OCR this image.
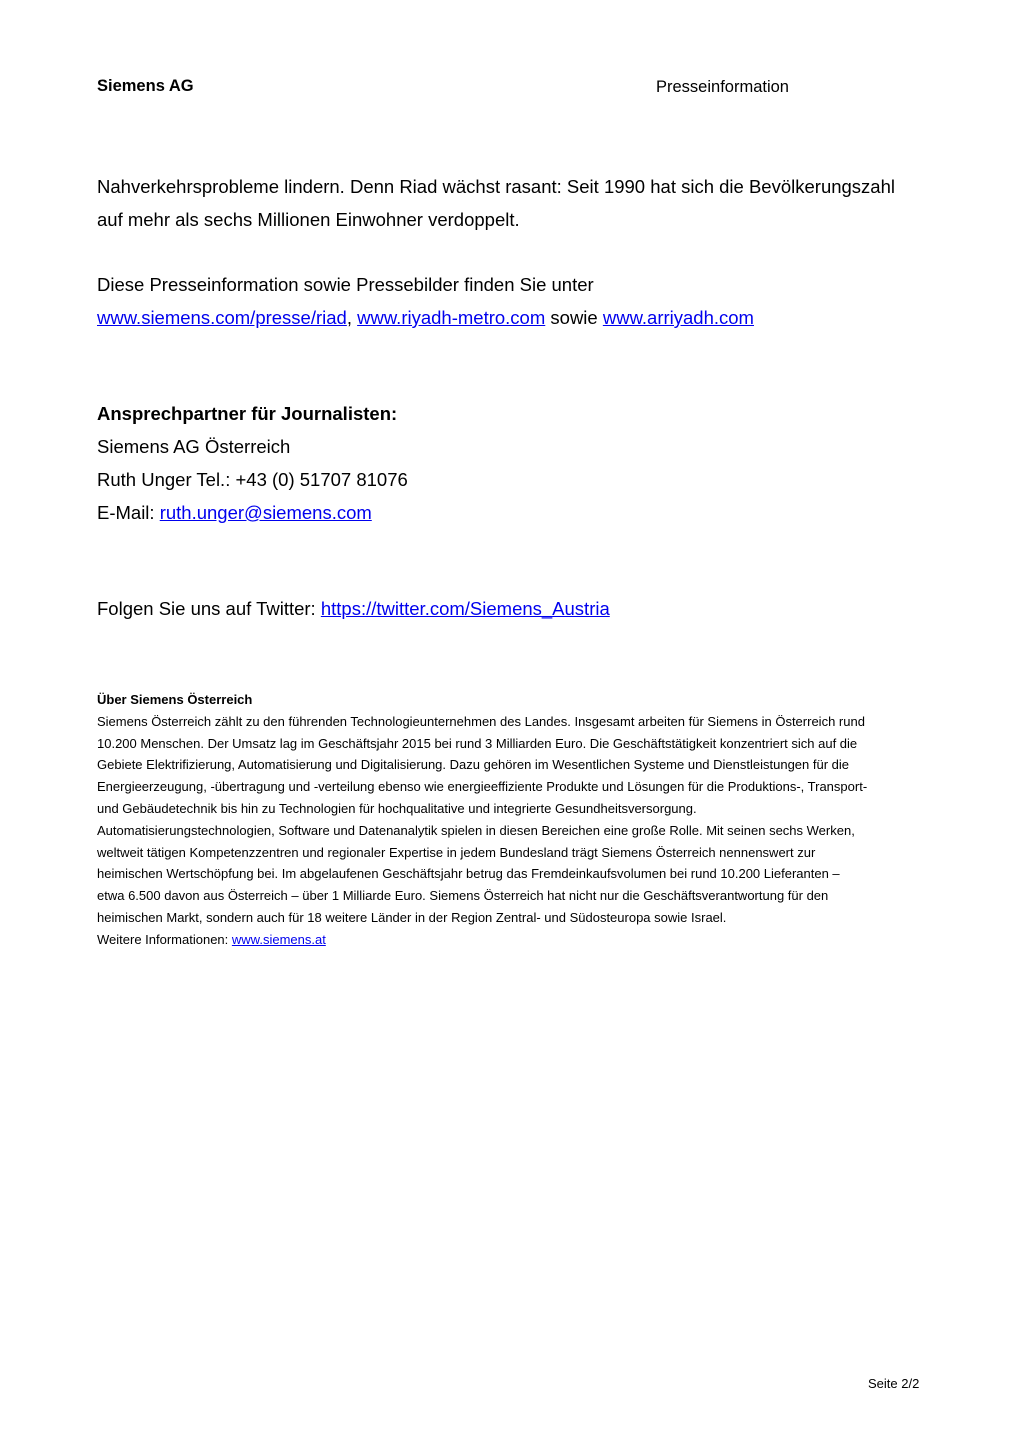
Siemens AG	Presseinformation
Nahverkehrsprobleme lindern. Denn Riad wächst rasant: Seit 1990 hat sich die Bevölkerungszahl
auf mehr als sechs Millionen Einwohner verdoppelt.
Diese Presseinformation sowie Pressebilder finden Sie unter
www.siemens.com/presse/riad, www.riyadh-metro.com sowie www.arriyadh.com
Ansprechpartner für Journalisten:
Siemens AG Österreich
Ruth Unger Tel.: +43 (0) 51707 81076
E-Mail: ruth.unger@siemens.com
Folgen Sie uns auf Twitter: https://twitter.com/Siemens_Austria
Über Siemens Österreich
Siemens Österreich zählt zu den führenden Technologieunternehmen des Landes. Insgesamt arbeiten für Siemens in Österreich rund
10.200 Menschen. Der Umsatz lag im Geschäftsjahr 2015 bei rund 3 Milliarden Euro. Die Geschäftstätigkeit konzentriert sich auf die
Gebiete Elektrifizierung, Automatisierung und Digitalisierung. Dazu gehören im Wesentlichen Systeme und Dienstleistungen für die
Energieerzeugung, -übertragung und -verteilung ebenso wie energieeffiziente Produkte und Lösungen für die Produktions-, Transport-
und Gebäudetechnik bis hin zu Technologien für hochqualitative und integrierte Gesundheitsversorgung.
Automatisierungstechnologien, Software und Datenanalytik spielen in diesen Bereichen eine große Rolle. Mit seinen sechs Werken,
weltweit tätigen Kompetenzzentren und regionaler Expertise in jedem Bundesland trägt Siemens Österreich nennenswert zur
heimischen Wertschöpfung bei. Im abgelaufenen Geschäftsjahr betrug das Fremdeinkaufsvolumen bei rund 10.200 Lieferanten –
etwa 6.500 davon aus Österreich – über 1 Milliarde Euro. Siemens Österreich hat nicht nur die Geschäftsverantwortung für den
heimischen Markt, sondern auch für 18 weitere Länder in der Region Zentral- und Südosteuropa sowie Israel.
Weitere Informationen: www.siemens.at
Seite 2/2
